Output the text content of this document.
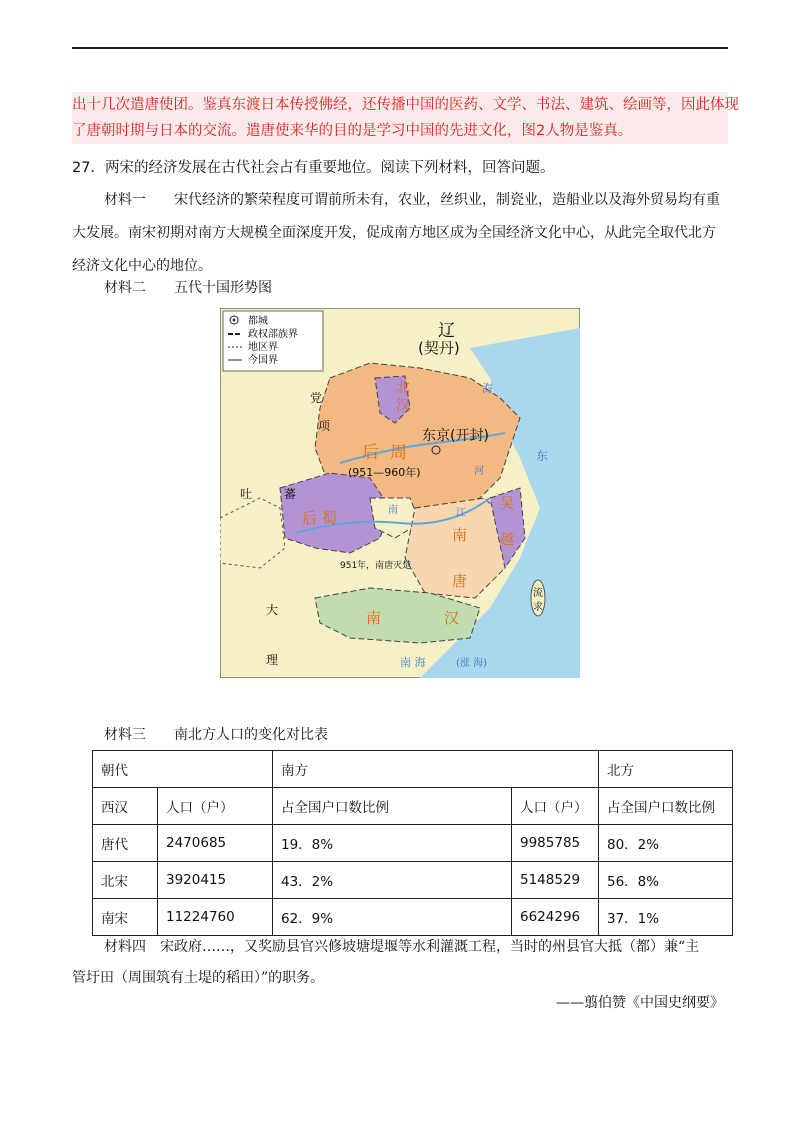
出十几次遣唐使团。鉴真东渡日本传授佛经，还传播中国的医药、文学、书法、建筑、绘画等，因此体现
了唐朝时期与日本的交流。遣唐使来华的目的是学习中国的先进文化，图2人物是鉴真。
27．两宋的经济发展在古代社会占有重要地位。阅读下列材料，回答问题。
材料一　　宋代经济的繁荣程度可谓前所未有，农业，丝织业，制瓷业，造船业以及海外贸易均有重
大发展。南宋初期对南方大规模全面深度开发，促成南方地区成为全国经济文化中心，从此完全取代北方
经济文化中心的地位。
材料二　　五代十国形势图
都城
政权部族界
地区界
今国界
辽
(契丹)
北
汉
东京(开封)
后 周
(951—960年)
后 蜀
吴
越
南
唐
南	汉
951年，南唐灭楚
党
项
吐	蕃
大
理
海
东
流
求
南 海	(涨 海)
江
河
南
材料三　　南北方人口的变化对比表
朝代		南方		北方
西汉	人口（户）	占全国户口数比例	人口（户）	占全国户口数比例
唐代	2470685	19．8%	9985785	80．2%
北宋	3920415	43．2%	5148529	56．8%
南宋	11224760	62．9%	6624296	37．1%
材料四　宋政府……，又奖励县官兴修坡塘堤堰等水利灌溉工程，当时的州县官大抵（都）兼“主
管圩田（周围筑有土堤的稻田）”的职务。
——翦伯赞《中国史纲要》
